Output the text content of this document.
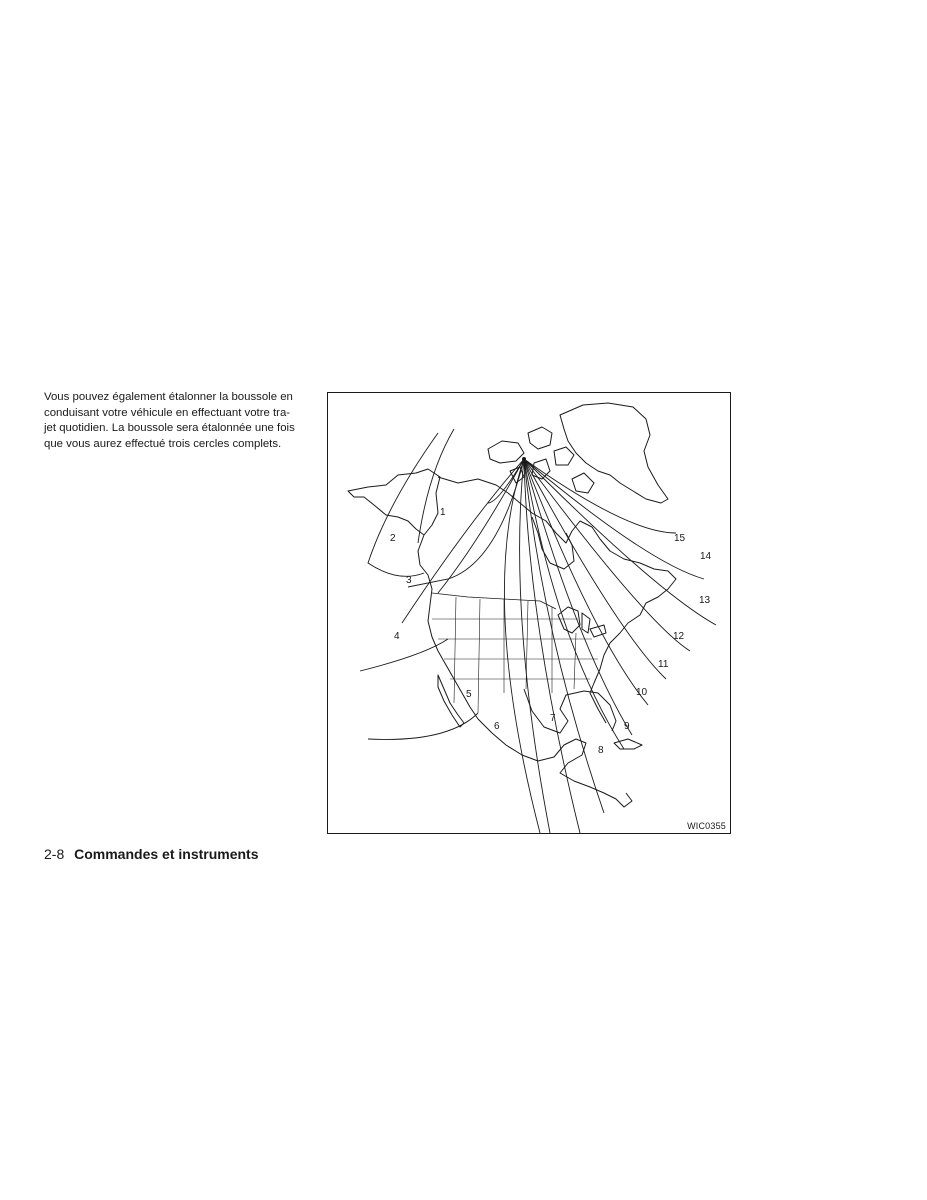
Vous pouvez également étalonner la boussole en
conduisant votre véhicule en effectuant votre tra-
jet quotidien. La boussole sera étalonnée une fois
que vous aurez effectué trois cercles complets.

1
2
3
4
5
6
7
8
9
10
11
12
13
14
15
WIC0355
2-8 Commandes et instruments
